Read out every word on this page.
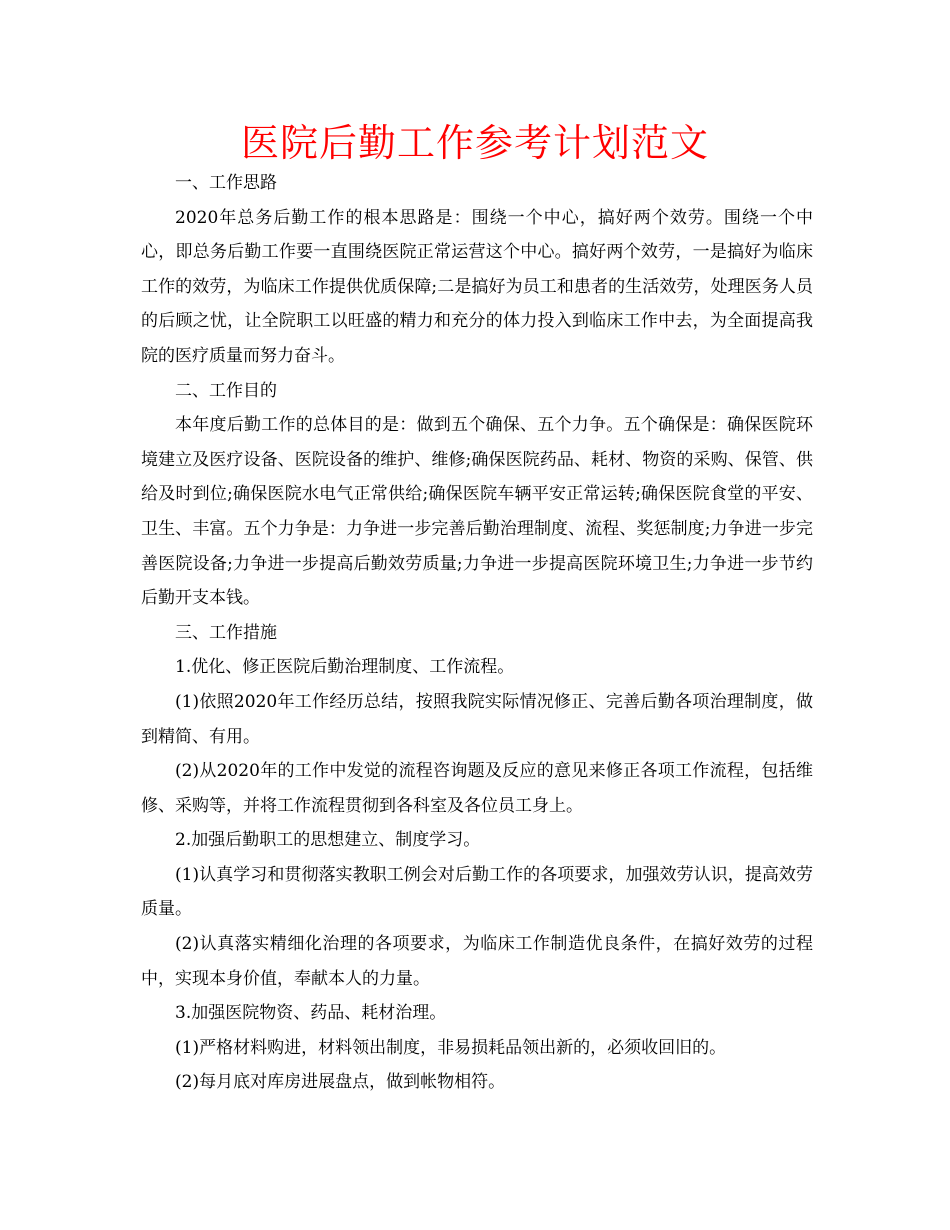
医院后勤工作参考计划范文

一、工作思路

2020年总务后勤工作的根本思路是：围绕一个中心，搞好两个效劳。围绕一个中心，即总务后勤工作要一直围绕医院正常运营这个中心。搞好两个效劳，一是搞好为临床工作的效劳，为临床工作提供优质保障;二是搞好为员工和患者的生活效劳，处理医务人员的后顾之忧，让全院职工以旺盛的精力和充分的体力投入到临床工作中去，为全面提高我院的医疗质量而努力奋斗。

二、工作目的

本年度后勤工作的总体目的是：做到五个确保、五个力争。五个确保是：确保医院环境建立及医疗设备、医院设备的维护、维修;确保医院药品、耗材、物资的采购、保管、供给及时到位;确保医院水电气正常供给;确保医院车辆平安正常运转;确保医院食堂的平安、卫生、丰富。五个力争是：力争进一步完善后勤治理制度、流程、奖惩制度;力争进一步完善医院设备;力争进一步提高后勤效劳质量;力争进一步提高医院环境卫生;力争进一步节约后勤开支本钱。

三、工作措施

1.优化、修正医院后勤治理制度、工作流程。

(1)依照2020年工作经历总结，按照我院实际情况修正、完善后勤各项治理制度，做到精简、有用。

(2)从2020年的工作中发觉的流程咨询题及反应的意见来修正各项工作流程，包括维修、采购等，并将工作流程贯彻到各科室及各位员工身上。

2.加强后勤职工的思想建立、制度学习。

(1)认真学习和贯彻落实教职工例会对后勤工作的各项要求，加强效劳认识，提高效劳质量。

(2)认真落实精细化治理的各项要求，为临床工作制造优良条件，在搞好效劳的过程中，实现本身价值，奉献本人的力量。

3.加强医院物资、药品、耗材治理。

(1)严格材料购进，材料领出制度，非易损耗品领出新的，必须收回旧的。

(2)每月底对库房进展盘点，做到帐物相符。
